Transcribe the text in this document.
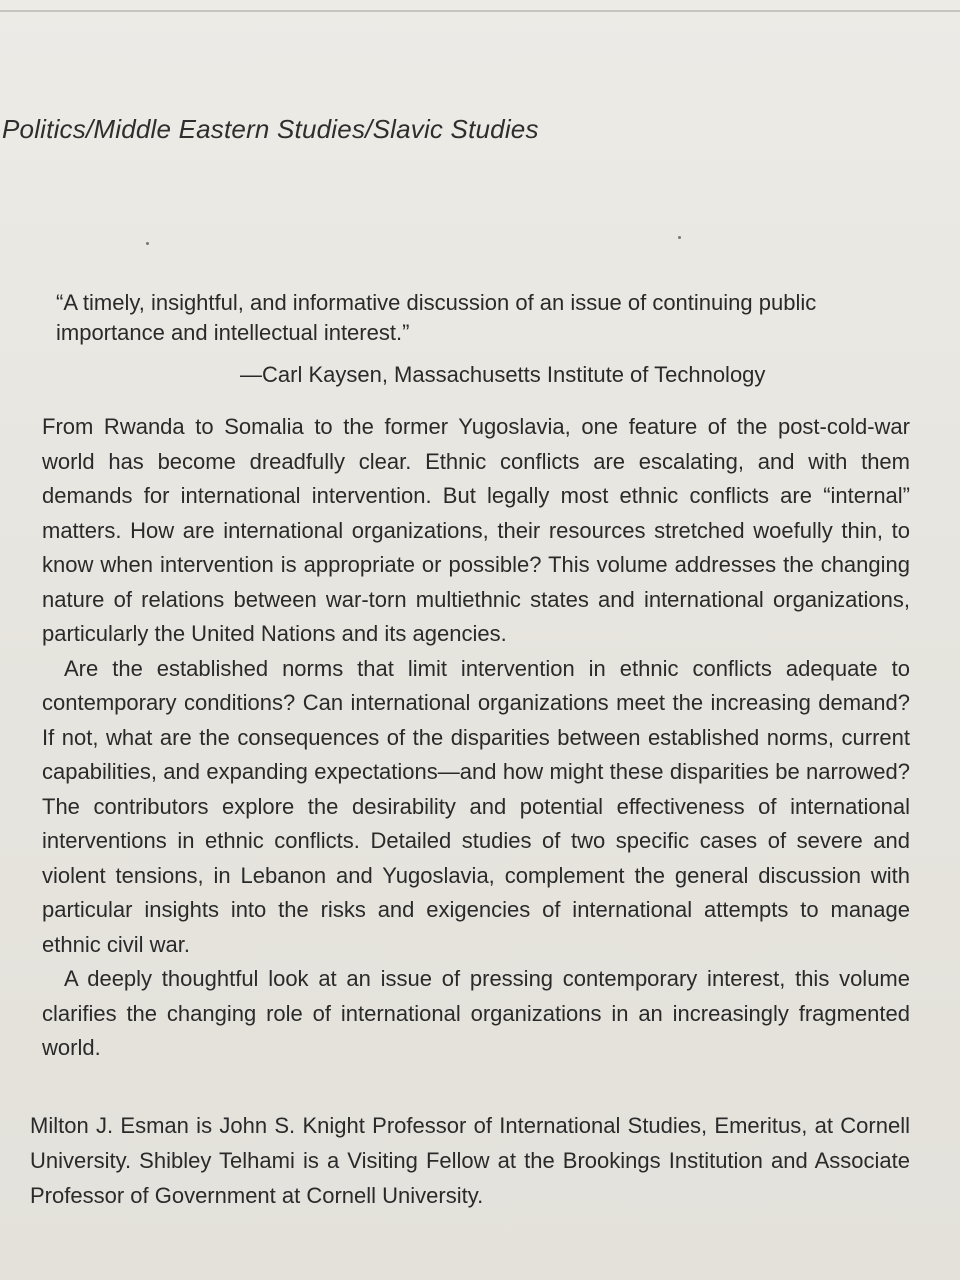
Politics/Middle Eastern Studies/Slavic Studies
“A timely, insightful, and informative discussion of an issue of continuing public importance and intellectual interest.”
—Carl Kaysen, Massachusetts Institute of Technology

From Rwanda to Somalia to the former Yugoslavia, one feature of the post-cold-war world has become dreadfully clear. Ethnic conflicts are escalating, and with them demands for international intervention. But legally most ethnic conflicts are “internal” matters. How are international organizations, their resources stretched woefully thin, to know when intervention is appropriate or possible? This volume addresses the changing nature of relations between war-torn multiethnic states and international organizations, particularly the United Nations and its agencies.

Are the established norms that limit intervention in ethnic conflicts adequate to contemporary conditions? Can international organizations meet the increasing demand? If not, what are the consequences of the disparities between established norms, current capabilities, and expanding expectations—and how might these disparities be narrowed? The contributors explore the desirability and potential effectiveness of international interventions in ethnic conflicts. Detailed studies of two specific cases of severe and violent tensions, in Lebanon and Yugoslavia, complement the general discussion with particular insights into the risks and exigencies of international attempts to manage ethnic civil war.

A deeply thoughtful look at an issue of pressing contemporary interest, this volume clarifies the changing role of international organizations in an increasingly fragmented world.

Milton J. Esman is John S. Knight Professor of International Studies, Emeritus, at Cornell University. Shibley Telhami is a Visiting Fellow at the Brookings Institution and Associate Professor of Government at Cornell University.
